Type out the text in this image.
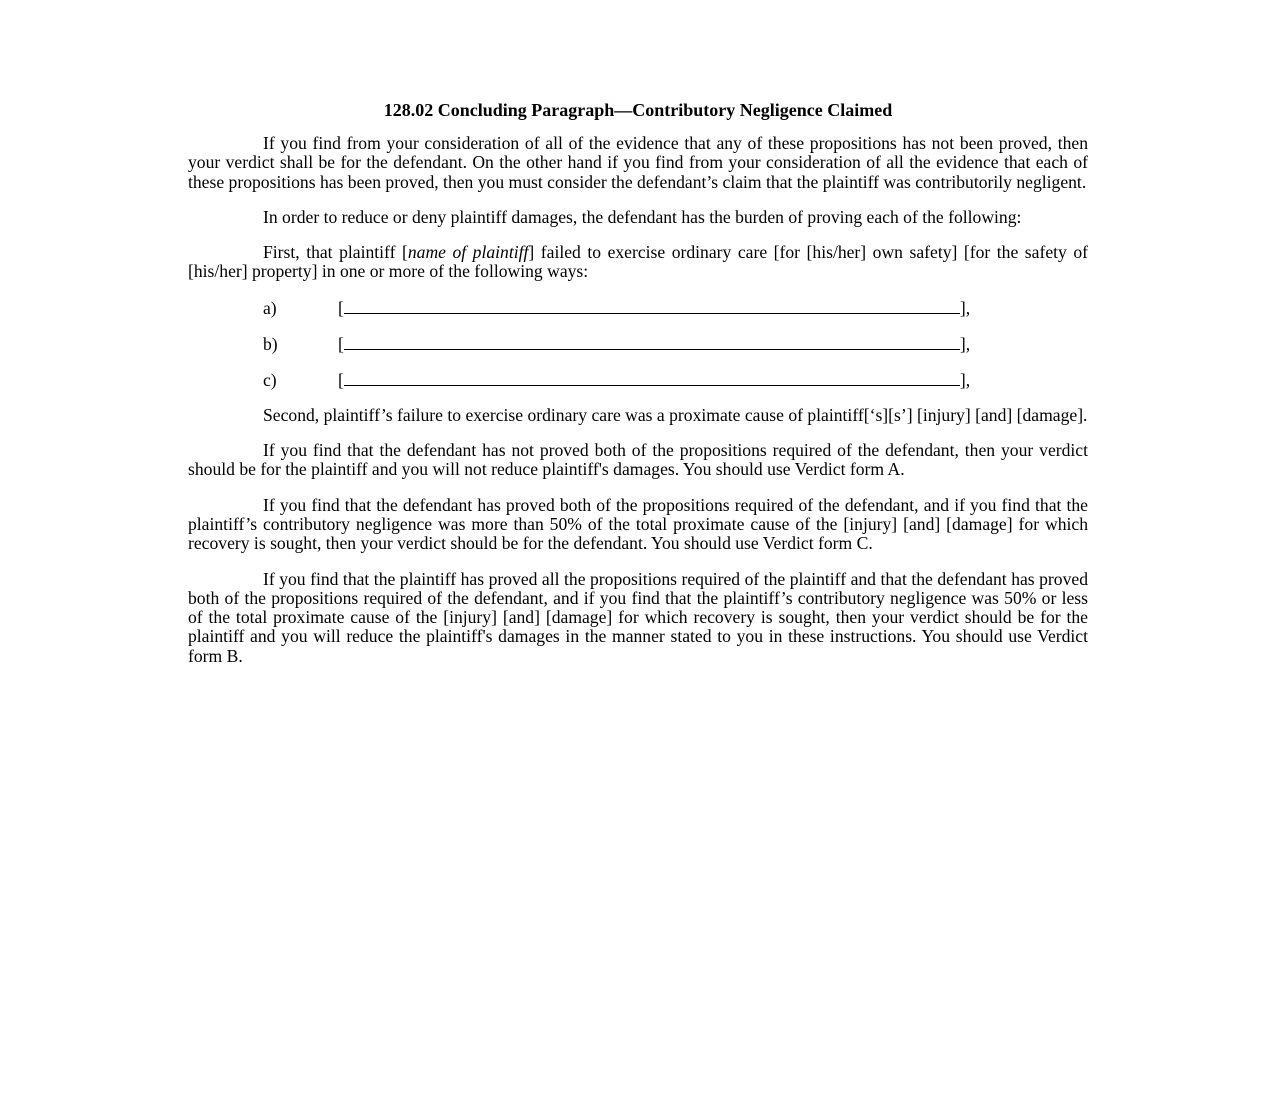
128.02 Concluding Paragraph—Contributory Negligence Claimed

If you find from your consideration of all of the evidence that any of these propositions has not been proved, then your verdict shall be for the defendant. On the other hand if you find from your consideration of all the evidence that each of these propositions has been proved, then you must consider the defendant’s claim that the plaintiff was contributorily negligent.

In order to reduce or deny plaintiff damages, the defendant has the burden of proving each of the following:

First, that plaintiff [name of plaintiff] failed to exercise ordinary care [for [his/her] own safety] [for the safety of [his/her] property] in one or more of the following ways:

a)	[	],
b)	[	],
c)	[	],

Second, plaintiff’s failure to exercise ordinary care was a proximate cause of plaintiff[‘s][s’] [injury] [and] [damage].

If you find that the defendant has not proved both of the propositions required of the defendant, then your verdict should be for the plaintiff and you will not reduce plaintiff's damages. You should use Verdict form A.

If you find that the defendant has proved both of the propositions required of the defendant, and if you find that the plaintiff’s contributory negligence was more than 50% of the total proximate cause of the [injury] [and] [damage] for which recovery is sought, then your verdict should be for the defendant. You should use Verdict form C.

If you find that the plaintiff has proved all the propositions required of the plaintiff and that the defendant has proved both of the propositions required of the defendant, and if you find that the plaintiff’s contributory negligence was 50% or less of the total proximate cause of the [injury] [and] [damage] for which recovery is sought, then your verdict should be for the plaintiff and you will reduce the plaintiff's damages in the manner stated to you in these instructions. You should use Verdict form B.
